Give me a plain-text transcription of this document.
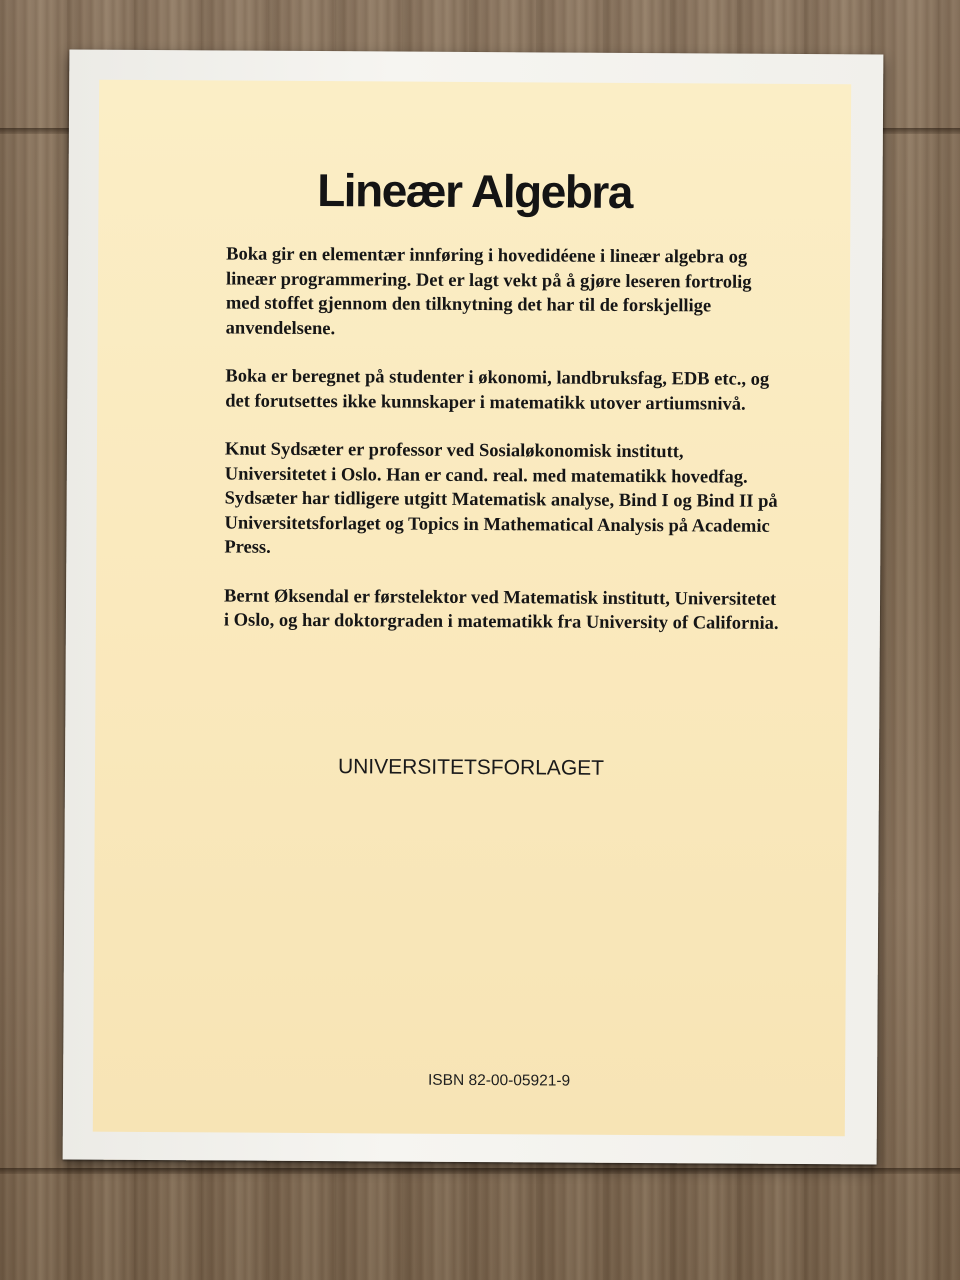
Lineær Algebra

Boka gir en elementær innføring i hovedidéene i lineær algebra og lineær programmering. Det er lagt vekt på å gjøre leseren fortrolig med stoffet gjennom den tilknytning det har til de forskjellige anvendelsene.

Boka er beregnet på studenter i økonomi, landbruksfag, EDB etc., og det forutsettes ikke kunnskaper i matematikk utover artiumsnivå.

Knut Sydsæter er professor ved Sosialøkonomisk institutt, Universitetet i Oslo. Han er cand. real. med matematikk hovedfag. Sydsæter har tidligere utgitt Matematisk analyse, Bind I og Bind II på Universitetsforlaget og Topics in Mathematical Analysis på Academic Press.

Bernt Øksendal er førstelektor ved Matematisk institutt, Universitetet i Oslo, og har doktorgraden i matematikk fra University of California.

UNIVERSITETSFORLAGET
ISBN 82-00-05921-9
